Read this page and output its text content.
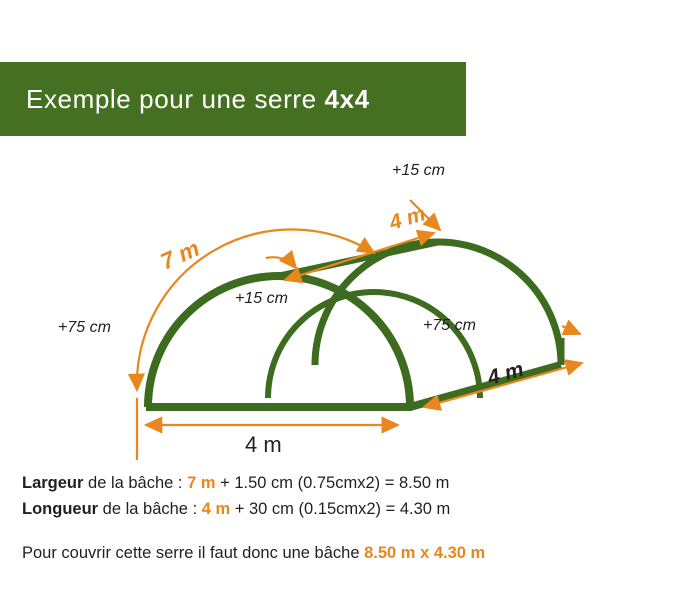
Exemple pour une serre 4x4
+15 cm
+15 cm
+75 cm	+75 cm
7 m
4 m
4 m
4 m
Largeur de la bâche : 7 m + 1.50 cm (0.75cmx2) = 8.50 m
Longueur de la bâche : 4 m + 30 cm (0.15cmx2) = 4.30 m
Pour couvrir cette serre il faut donc une bâche 8.50 m x 4.30 m
